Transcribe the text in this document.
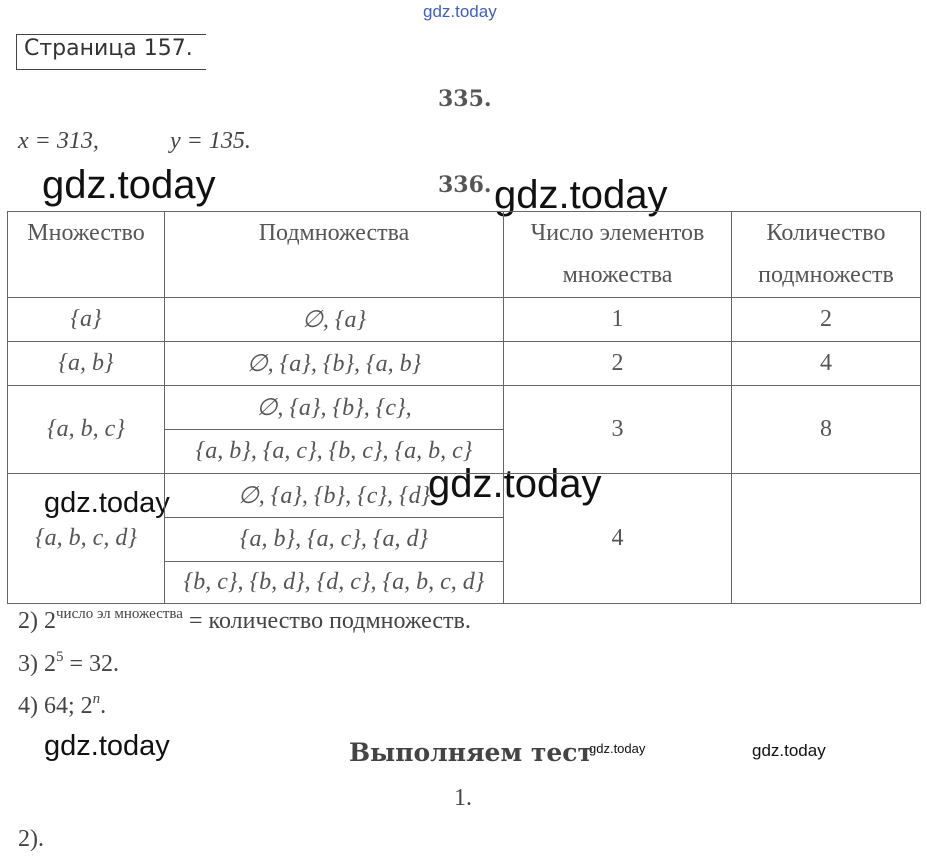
gdz.today
gdz.today	gdz.today
gdz.today	gdz.today
gdz.today	gdz.today	gdz.today
Страница 157.
335.
x = 313,	y = 135.
336.
Множество	Подмножества	Число элементов множества	Количество подмножеств
{a}	∅, {a}	1	2
{a, b}	∅, {a}, {b}, {a, b}	2	4
{a, b, c}	∅, {a}, {b}, {c},	3	8
	{a, b}, {a, c}, {b, c}, {a, b, c}		
{a, b, c, d}	∅, {a}, {b}, {c}, {d}	4	
	{a, b}, {a, c}, {a, d}		
	{b, c}, {b, d}, {d, c}, {a, b, c, d}		
2) $2^{число эл множества}$ = количество подмножеств.
3) $2^5 = 32$.
4) 64; 2$^n$.
Выполняем тест
1.
2).
